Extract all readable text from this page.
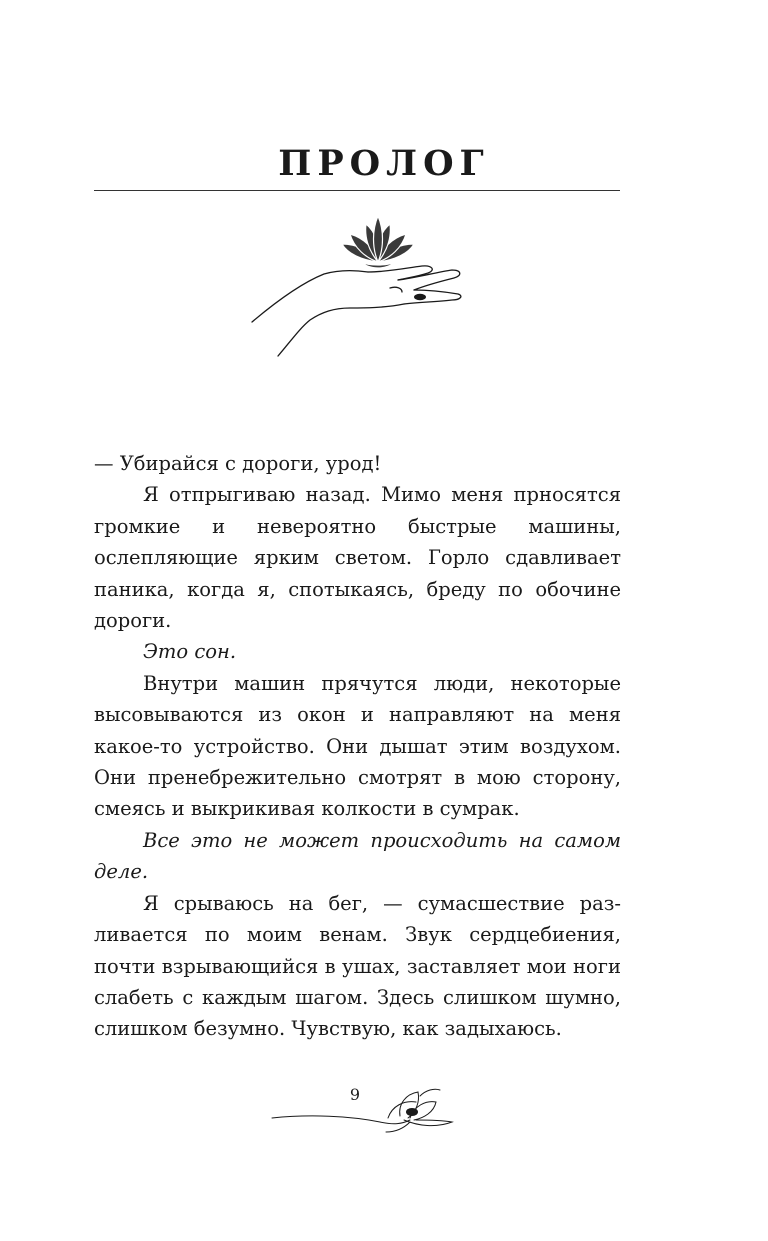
ПРОЛОГ

— Убирайся с дороги, урод!

Я отпрыгиваю назад. Мимо меня прносятся громкие и невероятно быстрые машины, ослепляющие ярким светом. Горло сдавливает паника, когда я, спотыкаясь, бреду по обочине дороги.

Это сон.

Внутри машин прячутся люди, некоторые высовываются из окон и направляют на меня какое-то устройство. Они дышат этим воздухом. Они пренебрежительно смотрят в мою сторону, смеясь и выкрикивая колкости в сумрак.

Все это не может происходить на самом деле.

Я срываюсь на бег, — сумасшествие разливается по моим венам. Звук сердцебиения, почти взрывающийся в ушах, заставляет мои ноги слабеть с каждым шагом. Здесь слишком шумно, слишком безумно. Чувствую, как задыхаюсь.

9
